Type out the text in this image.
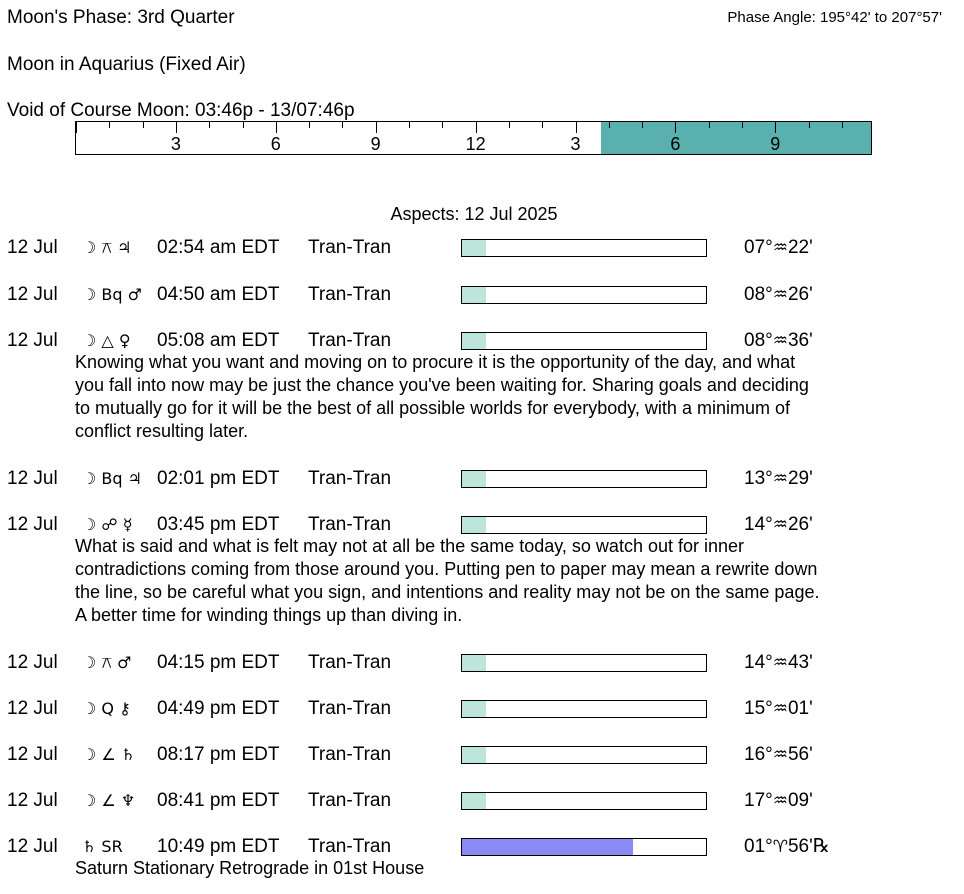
Moon's Phase: 3rd Quarter	Phase Angle: 195°42' to 207°57'
Moon in Aquarius (Fixed Air)
Void of Course Moon: 03:46p - 13/07:46p
3	6	9	12	3	6	9
Aspects: 12 Jul 2025
12 Jul ☽ ⚻ ♃ 02:54 am EDT Tran-Tran	07°♒22'
12 Jul ☽ Bq ♂ 04:50 am EDT Tran-Tran	08°♒26'
12 Jul ☽ △ ♀ 05:08 am EDT Tran-Tran	08°♒36'
Knowing what you want and moving on to procure it is the opportunity of the day, and what
you fall into now may be just the chance you've been waiting for. Sharing goals and deciding
to mutually go for it will be the best of all possible worlds for everybody, with a minimum of
conflict resulting later.
12 Jul ☽ Bq ♃ 02:01 pm EDT Tran-Tran	13°♒29'
12 Jul ☽ ☍ ☿ 03:45 pm EDT Tran-Tran	14°♒26'
What is said and what is felt may not at all be the same today, so watch out for inner
contradictions coming from those around you. Putting pen to paper may mean a rewrite down
the line, so be careful what you sign, and intentions and reality may not be on the same page.
A better time for winding things up than diving in.
12 Jul ☽ ⚻ ♂ 04:15 pm EDT Tran-Tran	14°♒43'
12 Jul ☽ Q ⚷ 04:49 pm EDT Tran-Tran	15°♒01'
12 Jul ☽ ∠ ♄ 08:17 pm EDT Tran-Tran	16°♒56'
12 Jul ☽ ∠ ♆ 08:41 pm EDT Tran-Tran	17°♒09'
12 Jul ♄ SR 10:49 pm EDT Tran-Tran	01°♈56'℞
Saturn Stationary Retrograde in 01st House
